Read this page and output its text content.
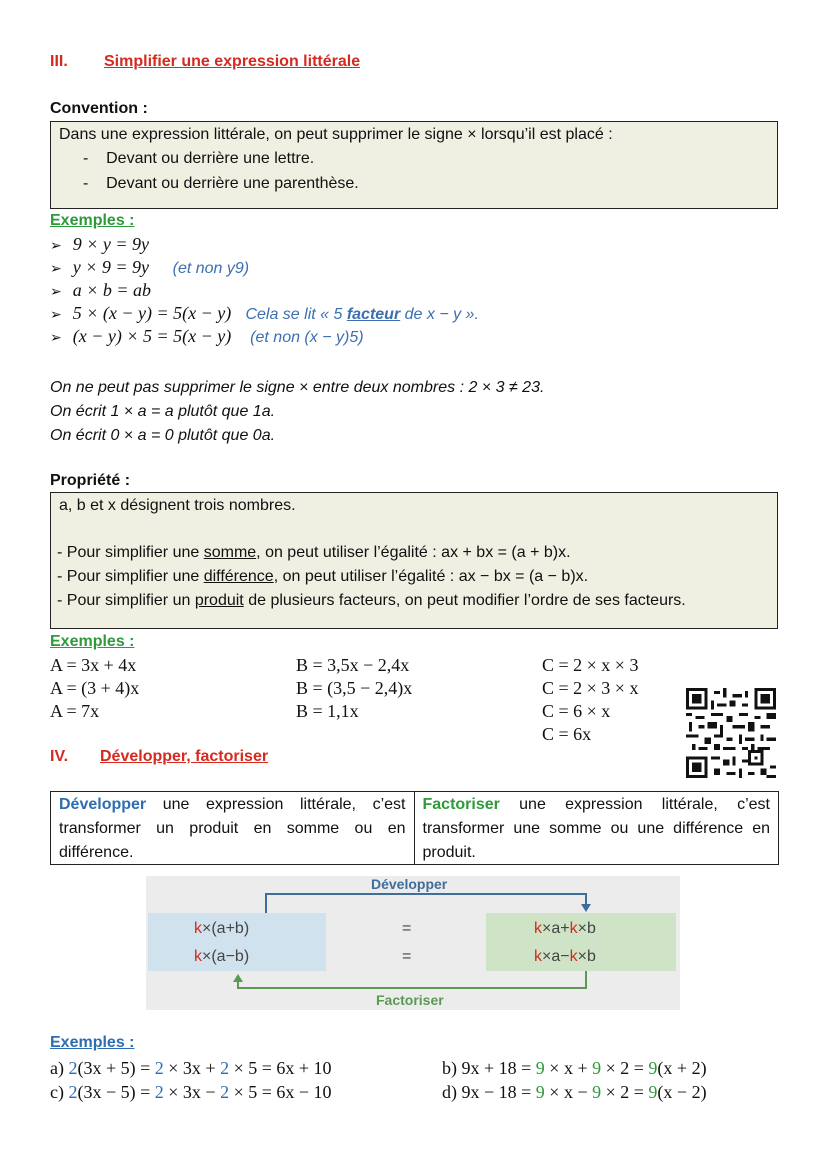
III. Simplifier une expression littérale
Convention :
Dans une expression littérale, on peut supprimer le signe × lorsqu’il est placé :
-    Devant ou derrière une lettre.
-    Devant ou derrière une parenthèse.
Exemples :
➢ 9 × y = 9y
➢ y × 9 = 9y (et non y9)
➢ a × b = ab
➢ 5 × (x − y) = 5(x − y) Cela se lit « 5 facteur de x − y ».
➢ (x − y) × 5 = 5(x − y) (et non (x − y)5)
On ne peut pas supprimer le signe × entre deux nombres : 2 × 3 ≠ 23.
On écrit 1 × a = a plutôt que 1a.
On écrit 0 × a = 0 plutôt que 0a.
Propriété :
a, b et x désignent trois nombres.
- Pour simplifier une somme, on peut utiliser l’égalité : ax + bx = (a + b)x.
- Pour simplifier une différence, on peut utiliser l’égalité : ax − bx = (a − b)x.
- Pour simplifier un produit de plusieurs facteurs, on peut modifier l’ordre de ses facteurs.
Exemples :
A = 3x + 4x
A = (3 + 4)x
A = 7x
B = 3,5x − 2,4x
B = (3,5 − 2,4)x
B = 1,1x
C = 2 × x × 3
C = 2 × 3 × x
C = 6 × x
C = 6x
IV. Développer, factoriser
Développer une expression littérale, c’est transformer un produit en somme ou en différence.
Factoriser une expression littérale, c’est transformer une somme ou une différence en produit.
Développer
Factoriser
k×(a+b)
k×(a−b)
=
=
k×a+k×b
k×a−k×b
Exemples :
a) 2(3x + 5) = 2 × 3x + 2 × 5 = 6x + 10
c) 2(3x − 5) = 2 × 3x − 2 × 5 = 6x − 10
b) 9x + 18 = 9 × x + 9 × 2 = 9(x + 2)
d) 9x − 18 = 9 × x − 9 × 2 = 9(x − 2)
